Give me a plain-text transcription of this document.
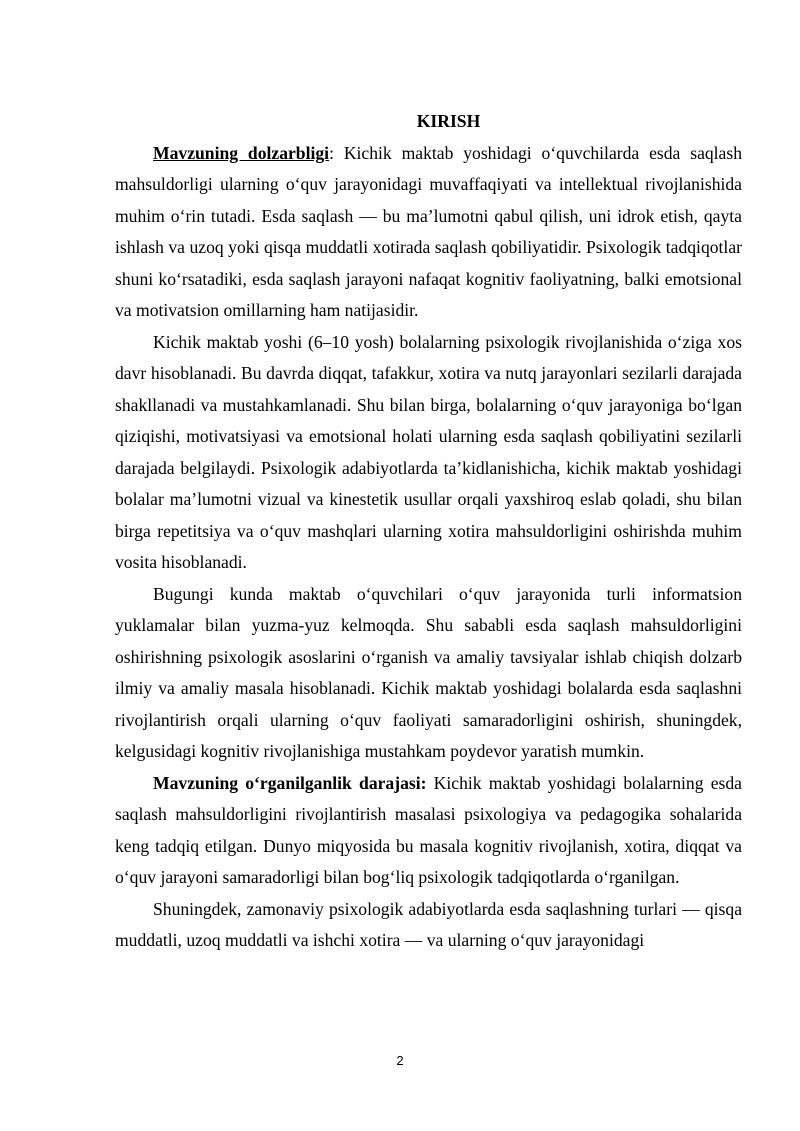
KIRISH

Mavzuning dolzarbligi: Kichik maktab yoshidagi o‘quvchilarda esda saqlash mahsuldorligi ularning o‘quv jarayonidagi muvaffaqiyati va intellektual rivojlanishida muhim o‘rin tutadi. Esda saqlash — bu ma’lumotni qabul qilish, uni idrok etish, qayta ishlash va uzoq yoki qisqa muddatli xotirada saqlash qobiliyatidir. Psixologik tadqiqotlar shuni ko‘rsatadiki, esda saqlash jarayoni nafaqat kognitiv faoliyatning, balki emotsional va motivatsion omillarning ham natijasidir.

Kichik maktab yoshi (6–10 yosh) bolalarning psixologik rivojlanishida o‘ziga xos davr hisoblanadi. Bu davrda diqqat, tafakkur, xotira va nutq jarayonlari sezilarli darajada shakllanadi va mustahkamlanadi. Shu bilan birga, bolalarning o‘quv jarayoniga bo‘lgan qiziqishi, motivatsiyasi va emotsional holati ularning esda saqlash qobiliyatini sezilarli darajada belgilaydi. Psixologik adabiyotlarda ta’kidlanishicha, kichik maktab yoshidagi bolalar ma’lumotni vizual va kinestetik usullar orqali yaxshiroq eslab qoladi, shu bilan birga repetitsiya va o‘quv mashqlari ularning xotira mahsuldorligini oshirishda muhim vosita hisoblanadi.

Bugungi kunda maktab o‘quvchilari o‘quv jarayonida turli informatsion yuklamalar bilan yuzma-yuz kelmoqda. Shu sababli esda saqlash mahsuldorligini oshirishning psixologik asoslarini o‘rganish va amaliy tavsiyalar ishlab chiqish dolzarb ilmiy va amaliy masala hisoblanadi. Kichik maktab yoshidagi bolalarda esda saqlashni rivojlantirish orqali ularning o‘quv faoliyati samaradorligini oshirish, shuningdek, kelgusidagi kognitiv rivojlanishiga mustahkam poydevor yaratish mumkin.

Mavzuning o‘rganilganlik darajasi: Kichik maktab yoshidagi bolalarning esda saqlash mahsuldorligini rivojlantirish masalasi psixologiya va pedagogika sohalarida keng tadqiq etilgan. Dunyo miqyosida bu masala kognitiv rivojlanish, xotira, diqqat va o‘quv jarayoni samaradorligi bilan bog‘liq psixologik tadqiqotlarda o‘rganilgan.

Shuningdek, zamonaviy psixologik adabiyotlarda esda saqlashning turlari — qisqa muddatli, uzoq muddatli va ishchi xotira — va ularning o‘quv jarayonidagi

2
